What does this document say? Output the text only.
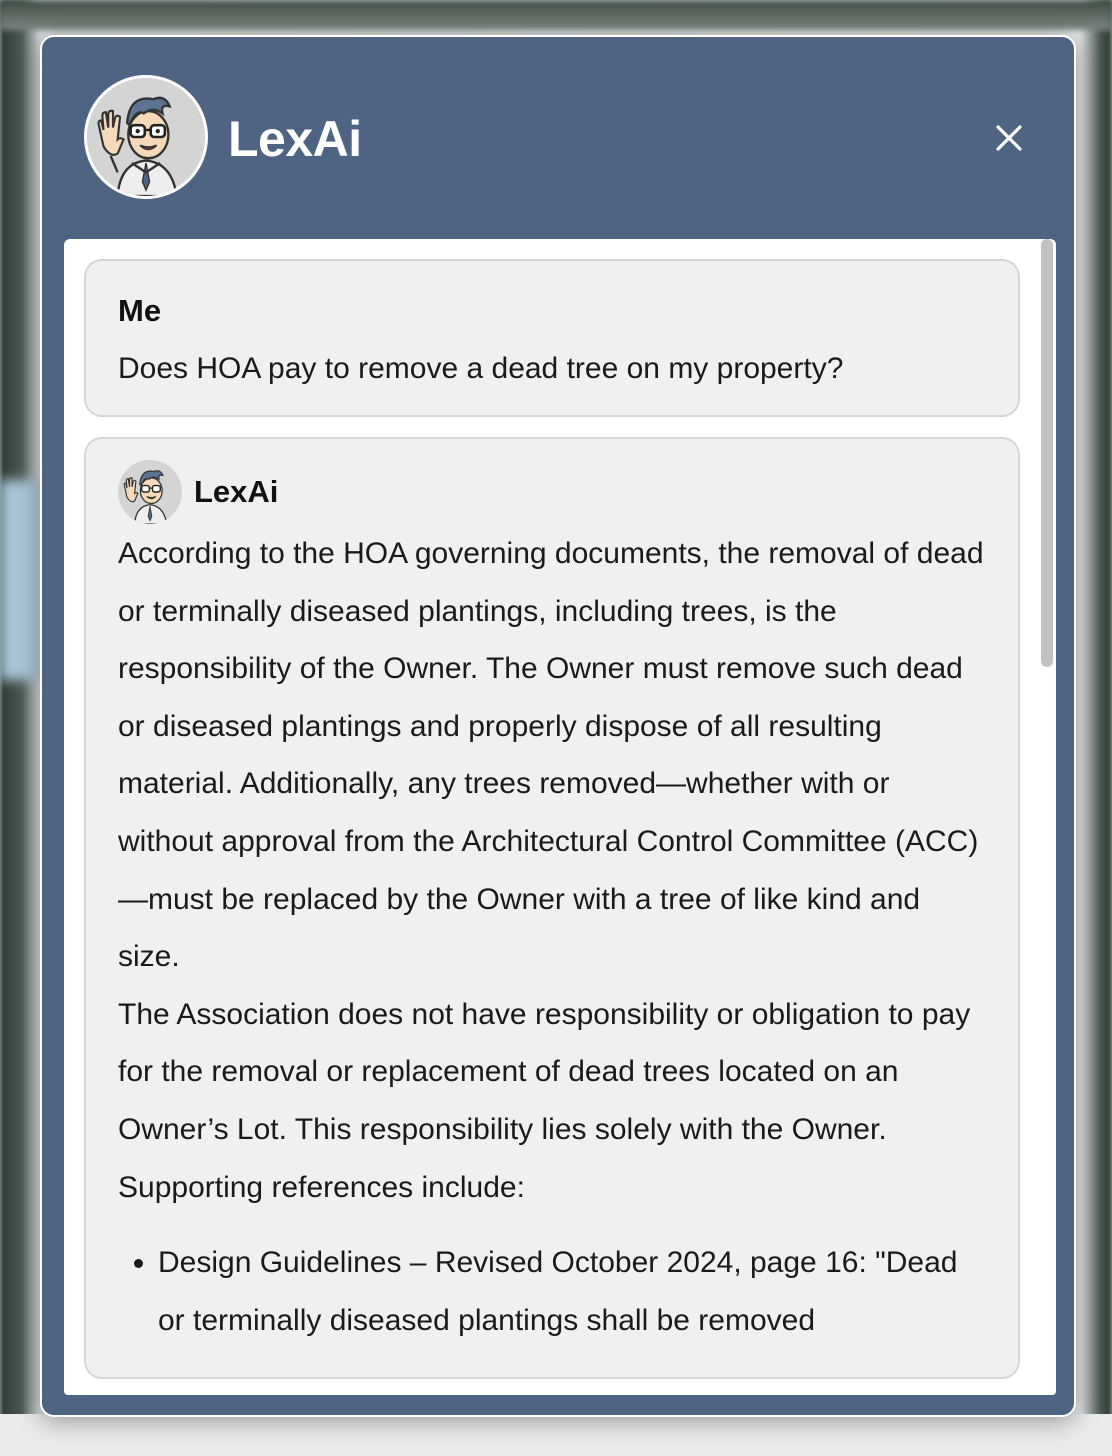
LexAi
Me
Does HOA pay to remove a dead tree on my property?
LexAi

According to the HOA governing documents, the removal of dead or terminally diseased plantings, including trees, is the responsibility of the Owner. The Owner must remove such dead or diseased plantings and properly dispose of all resulting material. Additionally, any trees removed—whether with or without approval from the Architectural Control Committee (ACC)—must be replaced by the Owner with a tree of like kind and size.

The Association does not have responsibility or obligation to pay for the removal or replacement of dead trees located on an Owner’s Lot. This responsibility lies solely with the Owner.

Supporting references include:

• Design Guidelines – Revised October 2024, page 16: "Dead or terminally diseased plantings shall be removed
